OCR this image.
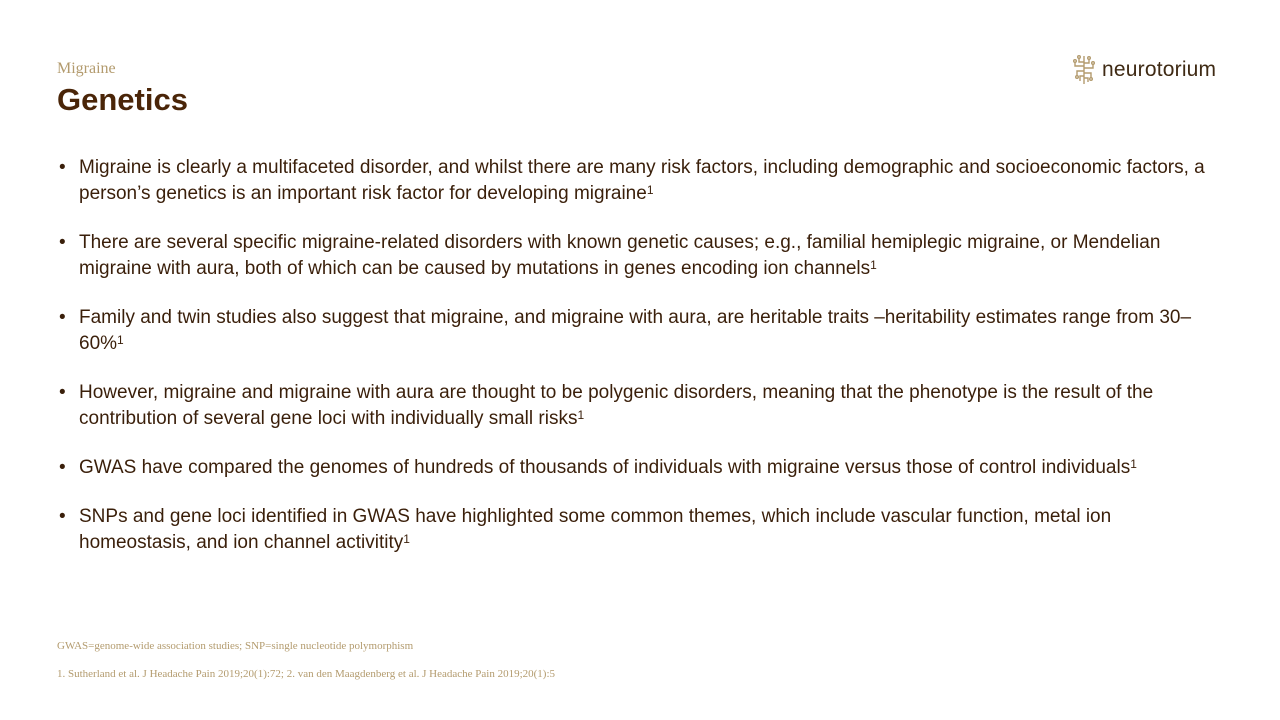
Migraine
Genetics
neurotorium
• Migraine is clearly a multifaceted disorder, and whilst there are many risk factors, including demographic and socioeconomic factors, a person’s genetics is an important risk factor for developing migraine$^1$
• There are several specific migraine-related disorders with known genetic causes; e.g., familial hemiplegic migraine, or Mendelian migraine with aura, both of which can be caused by mutations in genes encoding ion channels$^1$
• Family and twin studies also suggest that migraine, and migraine with aura, are heritable traits –heritability estimates range from 30–60%$^1$
• However, migraine and migraine with aura are thought to be polygenic disorders, meaning that the phenotype is the result of the contribution of several gene loci with individually small risks$^1$
• GWAS have compared the genomes of hundreds of thousands of individuals with migraine versus those of control individuals$^1$
• SNPs and gene loci identified in GWAS have highlighted some common themes, which include vascular function, metal ion homeostasis, and ion channel activitity$^1$
GWAS=genome-wide association studies; SNP=single nucleotide polymorphism
1. Sutherland et al. J Headache Pain 2019;20(1):72; 2. van den Maagdenberg et al. J Headache Pain 2019;20(1):5
